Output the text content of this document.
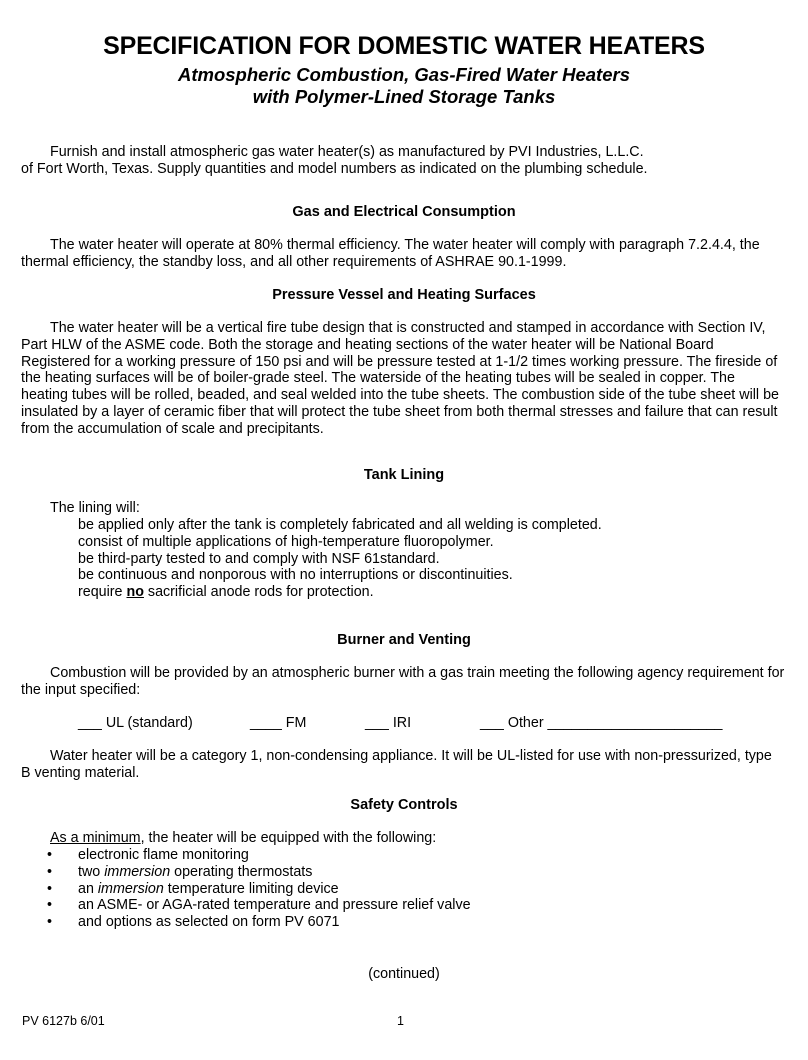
SPECIFICATION FOR DOMESTIC WATER HEATERS
Atmospheric Combustion, Gas-Fired Water Heaters
with Polymer-Lined Storage Tanks
Furnish and install atmospheric gas water heater(s) as manufactured by PVI Industries, L.L.C.
of Fort Worth, Texas. Supply quantities and model numbers as indicated on the plumbing schedule.
Gas and Electrical Consumption
The water heater will operate at 80% thermal efficiency. The water heater will comply with paragraph 7.2.4.4, the
thermal efficiency, the standby loss, and all other requirements of ASHRAE 90.1-1999.
Pressure Vessel and Heating Surfaces
The water heater will be a vertical fire tube design that is constructed and stamped in accordance with Section IV,
Part HLW of the ASME code. Both the storage and heating sections of the water heater will be National Board
Registered for a working pressure of 150 psi and will be pressure tested at 1-1/2 times working pressure. The fireside of
the heating surfaces will be of boiler-grade steel. The waterside of the heating tubes will be sealed in copper. The
heating tubes will be rolled, beaded, and seal welded into the tube sheets. The combustion side of the tube sheet will be
insulated by a layer of ceramic fiber that will protect the tube sheet from both thermal stresses and failure that can result
from the accumulation of scale and precipitants.
Tank Lining
The lining will:
be applied only after the tank is completely fabricated and all welding is completed.
consist of multiple applications of high-temperature fluoropolymer.
be third-party tested to and comply with NSF 61standard.
be continuous and nonporous with no interruptions or discontinuities.
require no sacrificial anode rods for protection.
Burner and Venting
Combustion will be provided by an atmospheric burner with a gas train meeting the following agency requirement for
the input specified:
___ UL (standard)	____ FM	___ IRI	___ Other ______________________
Water heater will be a category 1, non-condensing appliance. It will be UL-listed for use with non-pressurized, type
B venting material.
Safety Controls
As a minimum, the heater will be equipped with the following:
• electronic flame monitoring
• two immersion operating thermostats
• an immersion temperature limiting device
• an ASME- or AGA-rated temperature and pressure relief valve
• and options as selected on form PV 6071
(continued)
PV 6127b 6/01	1
